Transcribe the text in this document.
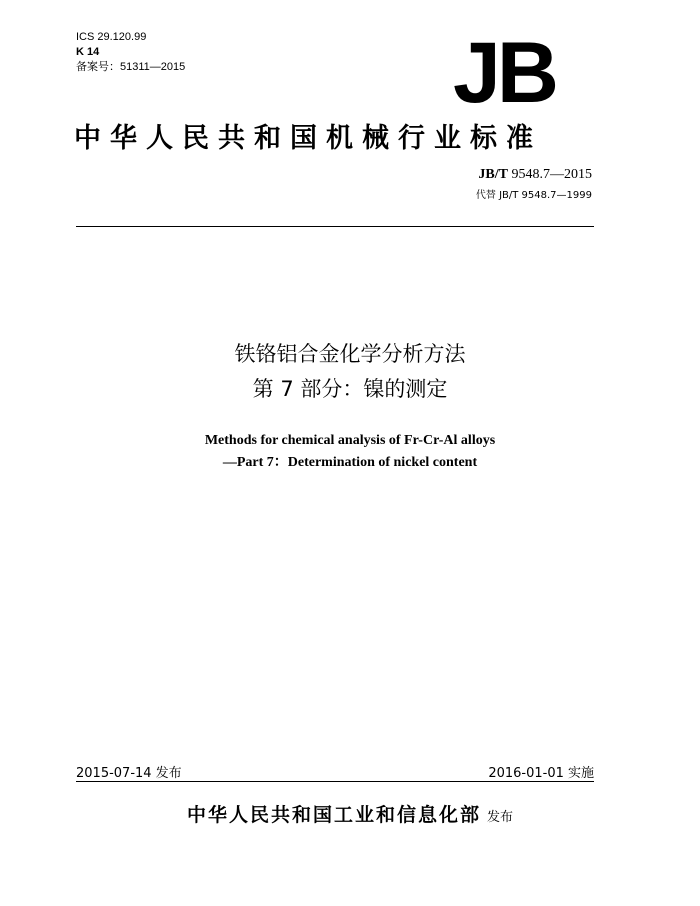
ICS 29.120.99
K 14
备案号：51311—2015	JB
中华人民共和国机械行业标准
JB/T 9548.7—2015
代替 JB/T 9548.7—1999
铁铬铝合金化学分析方法
第 7 部分：镍的测定
Methods for chemical analysis of Fr-Cr-Al alloys
—Part 7：Determination of nickel content
2015-07-14 发布	2016-01-01 实施
中华人民共和国工业和信息化部 发布
